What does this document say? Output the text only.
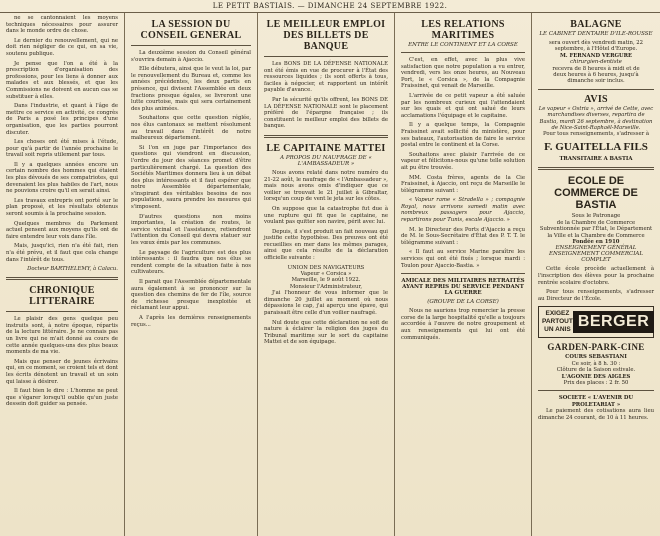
LE PETIT BASTIAIS. — DIMANCHE 24 SEPTEMBRE 1922.

ne se cantonnaient les moyens techniques nécessaires pour assurer dans le monde ordre de chose.

Le dernier du renouvellement, qui ne doit rien négliger de ce qui, en sa vie, soutenu publique.

Je pense que l'on a été à la prescription d'organisation des professions, pour les liens à donner aux malades et aux blessés, et que les Commissions ne doivent en aucun cas se substituer à elles.

Dans l'industrie, et quant à l'âge de mettre ce service en activité, ce congrès de Paris a posé les principes d'une organisation, que les parties pourront discuter.

Les choses ont été mises à l'étude, pour qu'à partir de l'année prochaine le travail soit repris utilement par tous.

Il y a quelques années encore un certain nombre des hommes qui étaient les plus dévoués de ses compatriotes, qui devenaient les plus habiles de l'art, nous ne pouvions croire qu'il en serait ainsi.

Les travaux entrepris ont porté sur le plan proposé, et les résultats obtenus seront soumis à la prochaine session.

Quelques membres du Parlement actuel pensent aux moyens qu'ils ont de faire entendre leur voix dans l'île.

Mais, jusqu'ici, rien n'a été fait, rien n'a été prévu, et il faut que cela change dans l'intérêt de tous.

Docteur BARTHELEMY, à Calacu.
CHRONIQUE LITTERAIRE

Le plaisir des gens quelque peu instruits sont, à notre époque, répartis de la lecture littéraire. Je ne connais pas un livre qui ne m'ait donné au cours de cette année quelques-uns des plus beaux moments de ma vie.

Mais que penser de jeunes écrivains qui, en ce moment, se croient tels et dont les écrits dénotent un travail et un soin qui laisse à désirer.

Il faut bien le dire : L'homme ne peut que s'égarer lorsqu'il oublie qu'un juste dessein doit guider sa pensée.

LA SESSION DU CONSEIL GENERAL

La deuxième session du Conseil général s'ouvrira demain à Ajaccio.

Elle débutera, ainsi que le veut la loi, par le renouvellement du Bureau et, comme les années précédentes, les deux partis en présence, qui divisent l'Assemblée en deux fractions presque égales, se livreront une lutte courtoise, mais qui sera certainement des plus animées.

Souhaitons que cette question réglée, nos élus cantonaux se mettent résolument au travail dans l'intérêt de notre malheureux département.

Si l'on en juge par l'importance des questions qui viendront en discussion, l'ordre du jour des séances promet d'être particulièrement chargé. La question des Sociétés Maritimes donnera lieu à un débat des plus intéressants et il faut espérer que notre Assemblée départementale, s'inspirant des véritables besoins de nos populations, saura prendre les mesures qui s'imposent.

D'autres questions non moins importantes, la création de routes, le service vicinal et l'assistance, retiendront l'attention du Conseil qui devra statuer sur les vœux émis par les communes.

Le paysage de l'agriculture est des plus intéressants : il faudra que nos élus se rendent compte de la situation faite à nos cultivateurs.

Il parait que l'Assemblée départementale aura également à se prononcer sur la question des chemins de fer de l'île, source de richesse presque inexploitée et réclamant leur appui.

A l'après les dernières renseignements reçus...

LE MEILLEUR EMPLOI DES BILLETS DE BANQUE

Les BONS DE LA DÉFENSE NATIONALE ont été émis en vue de procurer à l'État des ressources liquides ; ils sont offerts à tous, faciles à négocier, et rapportent un intérêt payable d'avance.

Par la sécurité qu'ils offrent, les BONS DE LA DÉFENSE NATIONALE sont le placement préféré de l'épargne française ; ils constituent le meilleur emploi des billets de banque.

LE CAPITAINE MATTEI
A PROPOS DU NAUFRAGE DE « L'AMBASSADEUR »

Nous avons relaté dans notre numéro du 21-22 août, le naufrage de « l'Ambassadeur », mais nous avons omis d'indiquer que ce voilier se trouvait le 21 juillet à Gibraltar, lorsqu'un coup de vent le jeta sur les côtes.

On suppose que la catastrophe fut due à une rupture qui fit que le capitaine, ne voulant pas quitter son navire, périt avec lui.

Depuis, il s'est produit un fait nouveau qui justifie cette hypothèse. Des preuves ont été recueillies en mer dans les mêmes parages, ainsi que cela résulte de la déclaration officielle suivante :

UNION DES NAVIGATEURS
Vapeur « Corsica »
Marseille, le 9 août 1922.
Monsieur l'Administrateur,

J'ai l'honneur de vous informer que le dimanche 20 juillet au moment où nous dépassions le cap, j'ai aperçu une épave, qui paraissait être celle d'un voilier naufragé.

Nul doute que cette déclaration ne soit de nature à éclairer la religion des juges du Tribunal maritime sur le sort du capitaine Mattei et de son équipage.

LES RELATIONS MARITIMES
ENTRE LE CONTINENT ET LA CORSE

C'est, en effet, avec la plus vive satisfaction que notre population a vu entrer, vendredi, vers les onze heures, au Nouveau Port, le « Corsica », de la Compagnie Fraissinet, qui venait de Marseille.

L'arrivée de ce petit vapeur a été saluée par les nombreux curieux qui l'attendaient sur les quais et qui ont salué de leurs acclamations l'équipage et le capitaine.

Il y a quelque temps, la Compagnie Fraissinet avait sollicité du ministère, pour ses bateaux, l'autorisation de faire le service postal entre le continent et la Corse.

Souhaitons avec plaisir l'arrivée de ce vapeur et félicitons-nous qu'une telle solution ait pu être trouvée.

MM. Costa frères, agents de la Cie Fraissinet, à Ajaccio, ont reçu de Marseille le télégramme suivant :

« Vapeur rame « Stradella » ; compagnie Royal, nous arrivons samedi matin avec nombreux passagers pour Ajaccio, repartirons pour Tunis, escale Ajaccio. »

M. le Directeur des Ports d'Ajaccio a reçu de M. le Sous-Secrétaire d'État des P. T. T. le télégramme suivant :

« Il faut au service Marine paraître les services qui ont été fixés ; lorsque mardi : Toulon pour Ajaccio-Bastia. »

AMICALE DES MILITAIRES RETRAITÉS AYANT REPRIS DU SERVICE PENDANT LA GUERRE
(GROUPE DE LA CORSE)

Nous ne saurions trop remercier la presse corse de la large hospitalité qu'elle a toujours accordée à l'œuvre de notre groupement et aux renseignements qui lui ont été communiqués.

BALAGNE
LE CABINET DENTAIRE D'ILE-ROUSSE
sera ouvert dès vendredi matin, 22
septembre, à l'Hôtel d'Europe.
M. FERNAND VERGURE
chirurgien-dentiste
recevra de 8 heures à midi et de
deux heures à 6 heures, jusqu'à
dimanche soir inclus.
AVIS
Le vapeur « Ostria », arrivé de Cette, avec marchandises diverses, repartira de Bastia, mardi 26 septembre, à destination de Nice-Saint-Raphaël-Marseille.
Pour tous renseignements, s'adresser à
F. GUAITELLA FILS
TRANSITAIRE A BASTIA
ECOLE DE COMMERCE DE BASTIA
Sous le Patronage
de la Chambre de Commerce
Subventionnée par l'État, le Département
la Ville et la Chambre de Commerce
Fondée en 1910
ENSEIGNEMENT GÉNÉRAL ENSEIGNEMENT COMMERCIAL COMPLET

Cette école procède actuellement à l'inscription des élèves pour la prochaine rentrée scolaire d'octobre.

Pour tous renseignements, s'adresser au Directeur de l'École.

EXIGEZ
PARTOUT
UN ANIS BERGER
GARDEN-PARK-CINE
COURS SEBASTIANI
Ce soir, à 8 h. 30 :
Clôture de la Saison estivale.
L'AGONIE DES AIGLES
Prix des places : 2 fr. 50
SOCIETE « L'AVENIR DU PROLETARIAT »

Le paiement des cotisations aura lieu dimanche 24 courant, de 10 à 11 heures.
